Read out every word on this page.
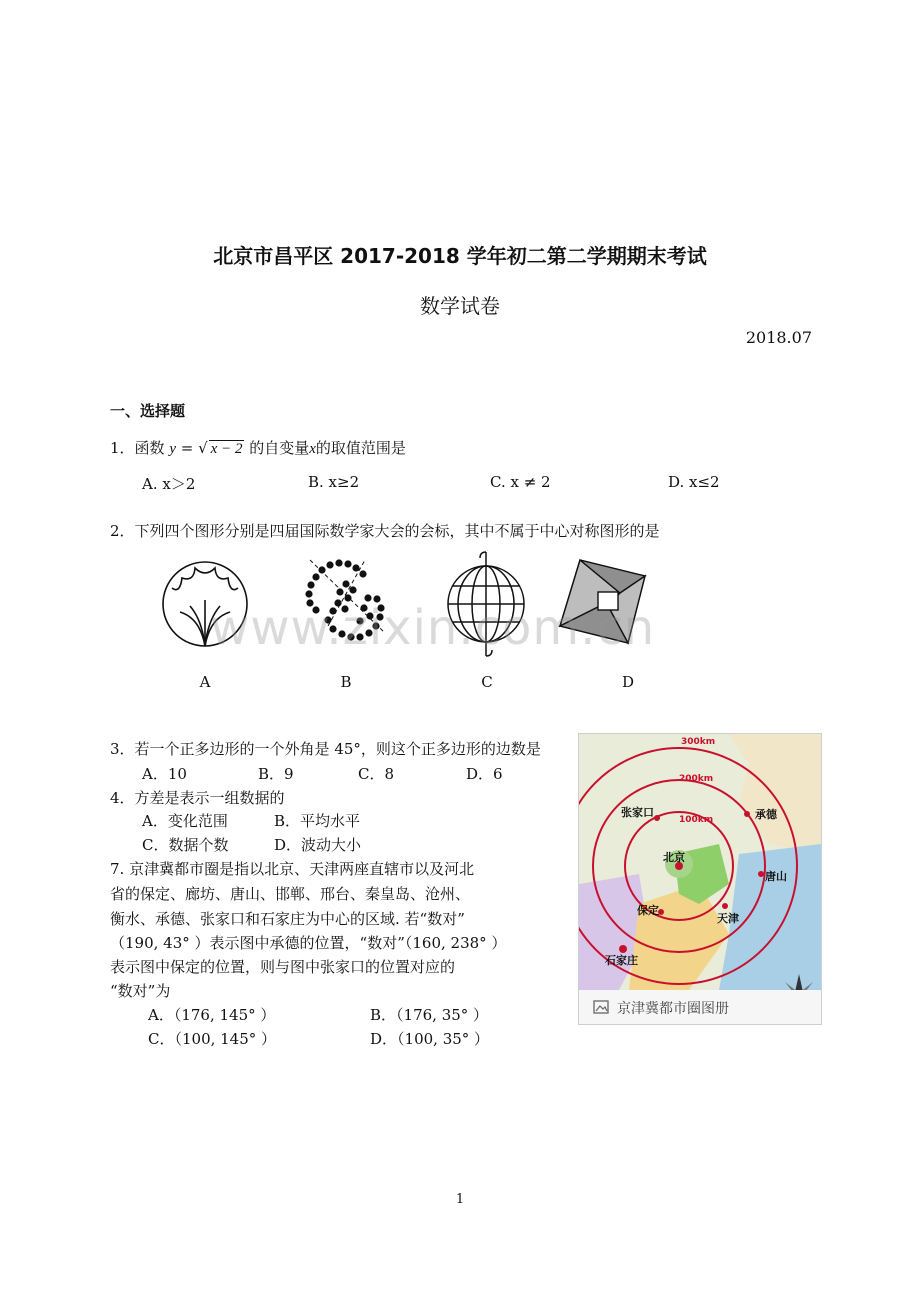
北京市昌平区 2017-2018 学年初二第二学期期末考试
数学试卷
2018.07
一、选择题
1．函数 y = √ x − 2 的自变量x的取值范围是
A. x＞2	B. x≥2	C. x ≠ 2	D. x≤2
2．下列四个图形分别是四届国际数学家大会的会标，其中不属于中心对称图形的是
A	B	C	D
www.zixin.com.cn
3．若一个正多边形的一个外角是 45°，则这个正多边形的边数是
A．10	B．9	C．8	D．6
4．方差是表示一组数据的
A．变化范围	B．平均水平
C．数据个数	D．波动大小
7. 京津冀都市圈是指以北京、天津两座直辖市以及河北
省的保定、廊坊、唐山、邯郸、邢台、秦皇岛、沧州、
衡水、承德、张家口和石家庄为中心的区域. 若“数对”
（190, 43° ）表示图中承德的位置，“数对”（160, 238° ）
表示图中保定的位置，则与图中张家口的位置对应的
“数对”为
A．（176, 145° ）	B．（176, 35° ）
C．（100, 145° ）	D．（100, 35° ）
300km
200km
100km
张家口	承德
北京
唐山
保定
天津
石家庄
京津冀都市圈图册
1
